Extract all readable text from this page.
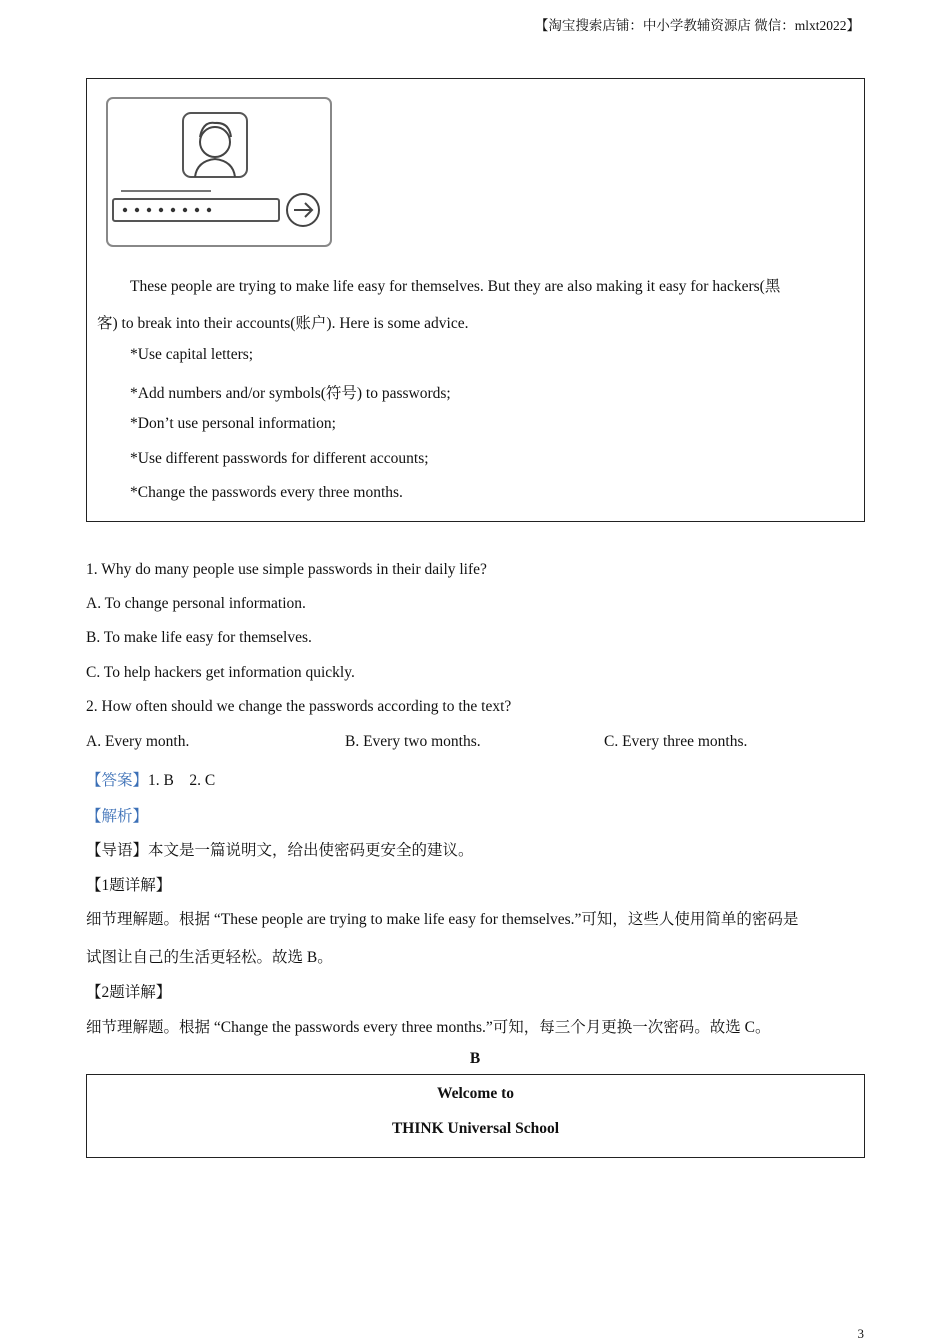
【淘宝搜索店铺：中小学教辅资源店 微信：mlxt2022】
These people are trying to make life easy for themselves. But they are also making it easy for hackers(黑
客) to break into their accounts(账户). Here is some advice.
*Use capital letters;
*Add numbers and/or symbols(符号) to passwords;
*Don’t use personal information;
*Use different passwords for different accounts;
*Change the passwords every three months.
1. Why do many people use simple passwords in their daily life?
A. To change personal information.
B. To make life easy for themselves.
C. To help hackers get information quickly.
2. How often should we change the passwords according to the text?
A. Every month.	B. Every two months.	C. Every three months.
【答案】1. B    2. C
【解析】
【导语】本文是一篇说明文，给出使密码更安全的建议。
【1题详解】
细节理解题。根据 “These people are trying to make life easy for themselves.”可知，这些人使用简单的密码是
试图让自己的生活更轻松。故选 B。
【2题详解】
细节理解题。根据 “Change the passwords every three months.”可知，每三个月更换一次密码。故选 C。
B
Welcome to
THINK Universal School
3
